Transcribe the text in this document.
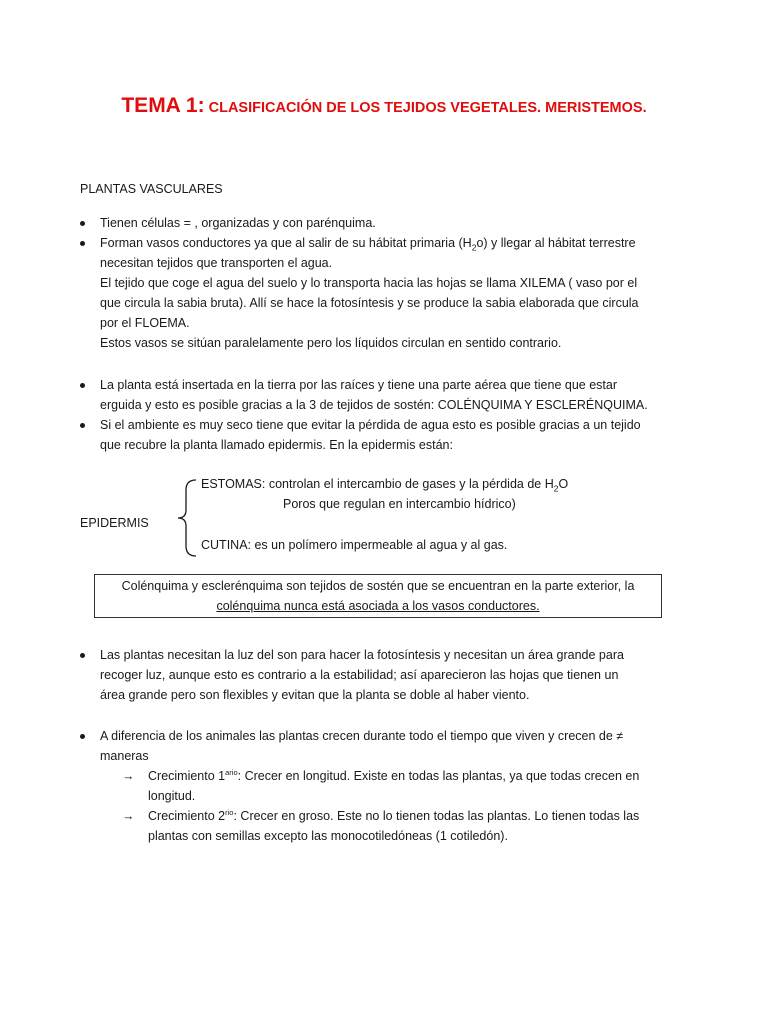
TEMA 1: CLASIFICACIÓN DE LOS TEJIDOS VEGETALES. MERISTEMOS.
PLANTAS VASCULARES
Tienen células = , organizadas y con parénquima.
Forman vasos conductores ya que al salir de su hábitat primaria $(H_2o)$ y llegar al hábitat terrestre
necesitan tejidos que transporten el agua.
El tejido que coge el agua del suelo y lo transporta hacia las hojas se llama XILEMA ( vaso por el
que circula la sabia bruta). Allí se hace la fotosíntesis y se produce la sabia elaborada que circula
por el FLOEMA.
Estos vasos se sitúan paralelamente pero los líquidos circulan en sentido contrario.
La planta está insertada en la tierra por las raíces y tiene una parte aérea que tiene que estar
erguida y esto es posible gracias a la 3 de tejidos de sostén: COLÉNQUIMA Y ESCLERÉNQUIMA.
Si el ambiente es muy seco tiene que evitar la pérdida de agua esto es posible gracias a un tejido
que recubre la planta llamado epidermis. En la epidermis están:
EPIDERMIS
ESTOMAS: controlan el intercambio de gases y la pérdida de $H_2O$
Poros que regulan en intercambio hídrico)
CUTINA: es un polímero impermeable al agua y al gas.
Colénquima y esclerénquima son tejidos de sostén que se encuentran en la parte exterior, la
colénquima nunca está asociada a los vasos conductores.
Las plantas necesitan la luz del son para hacer la fotosíntesis y necesitan un área grande para
recoger luz, aunque esto es contrario a la estabilidad; así aparecieron las hojas que tienen un
área grande pero son flexibles y evitan que la planta se doble al haber viento.
A diferencia de los animales las plantas crecen durante todo el tiempo que viven y crecen de ≠
maneras
→ Crecimiento $1^{ario}$: Crecer en longitud. Existe en todas las plantas, ya que todas crecen en
longitud.
→ Crecimiento $2^{rio}$: Crecer en groso. Este no lo tienen todas las plantas. Lo tienen todas las
plantas con semillas excepto las monocotiledóneas (1 cotiledón).
